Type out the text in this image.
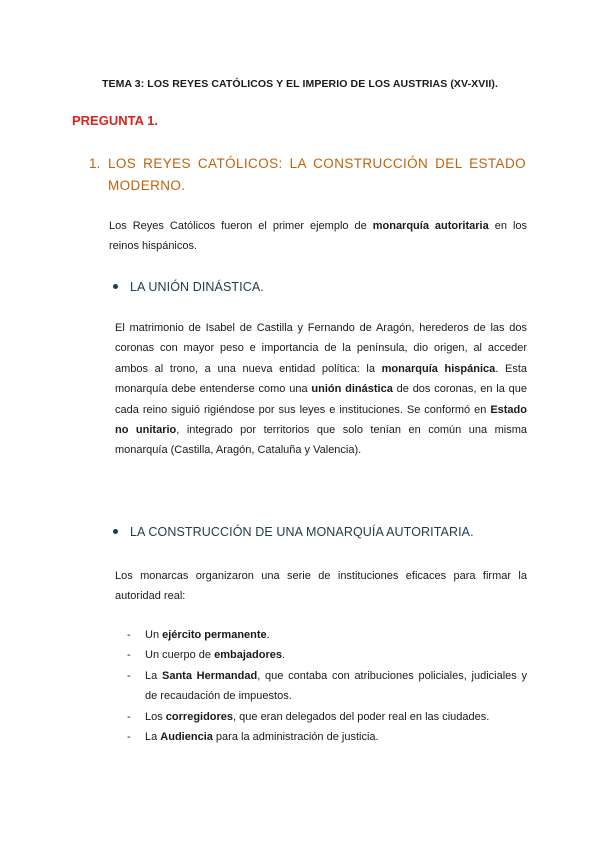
TEMA 3: LOS REYES CATÓLICOS Y EL IMPERIO DE LOS AUSTRIAS (XV-XVII).
PREGUNTA 1.
1. LOS REYES CATÓLICOS: LA CONSTRUCCIÓN DEL ESTADO MODERNO.
Los Reyes Católicos fueron el primer ejemplo de monarquía autoritaria en los reinos hispánicos.
LA UNIÓN DINÁSTICA.
El matrimonio de Isabel de Castilla y Fernando de Aragón, herederos de las dos coronas con mayor peso e importancia de la península, dio origen, al acceder ambos al trono, a una nueva entidad política: la monarquía hispánica. Esta monarquía debe entenderse como una unión dinástica de dos coronas, en la que cada reino siguió rigiéndose por sus leyes e instituciones. Se conformó en Estado no unitario, integrado por territorios que solo tenían en común una misma monarquía (Castilla, Aragón, Cataluña y Valencia).
LA CONSTRUCCIÓN DE UNA MONARQUÍA AUTORITARIA.
Los monarcas organizaron una serie de instituciones eficaces para firmar la autoridad real:
- Un ejército permanente.
- Un cuerpo de embajadores.
- La Santa Hermandad, que contaba con atribuciones policiales, judiciales y de recaudación de impuestos.
- Los corregidores, que eran delegados del poder real en las ciudades.
- La Audiencia para la administración de justicia.
